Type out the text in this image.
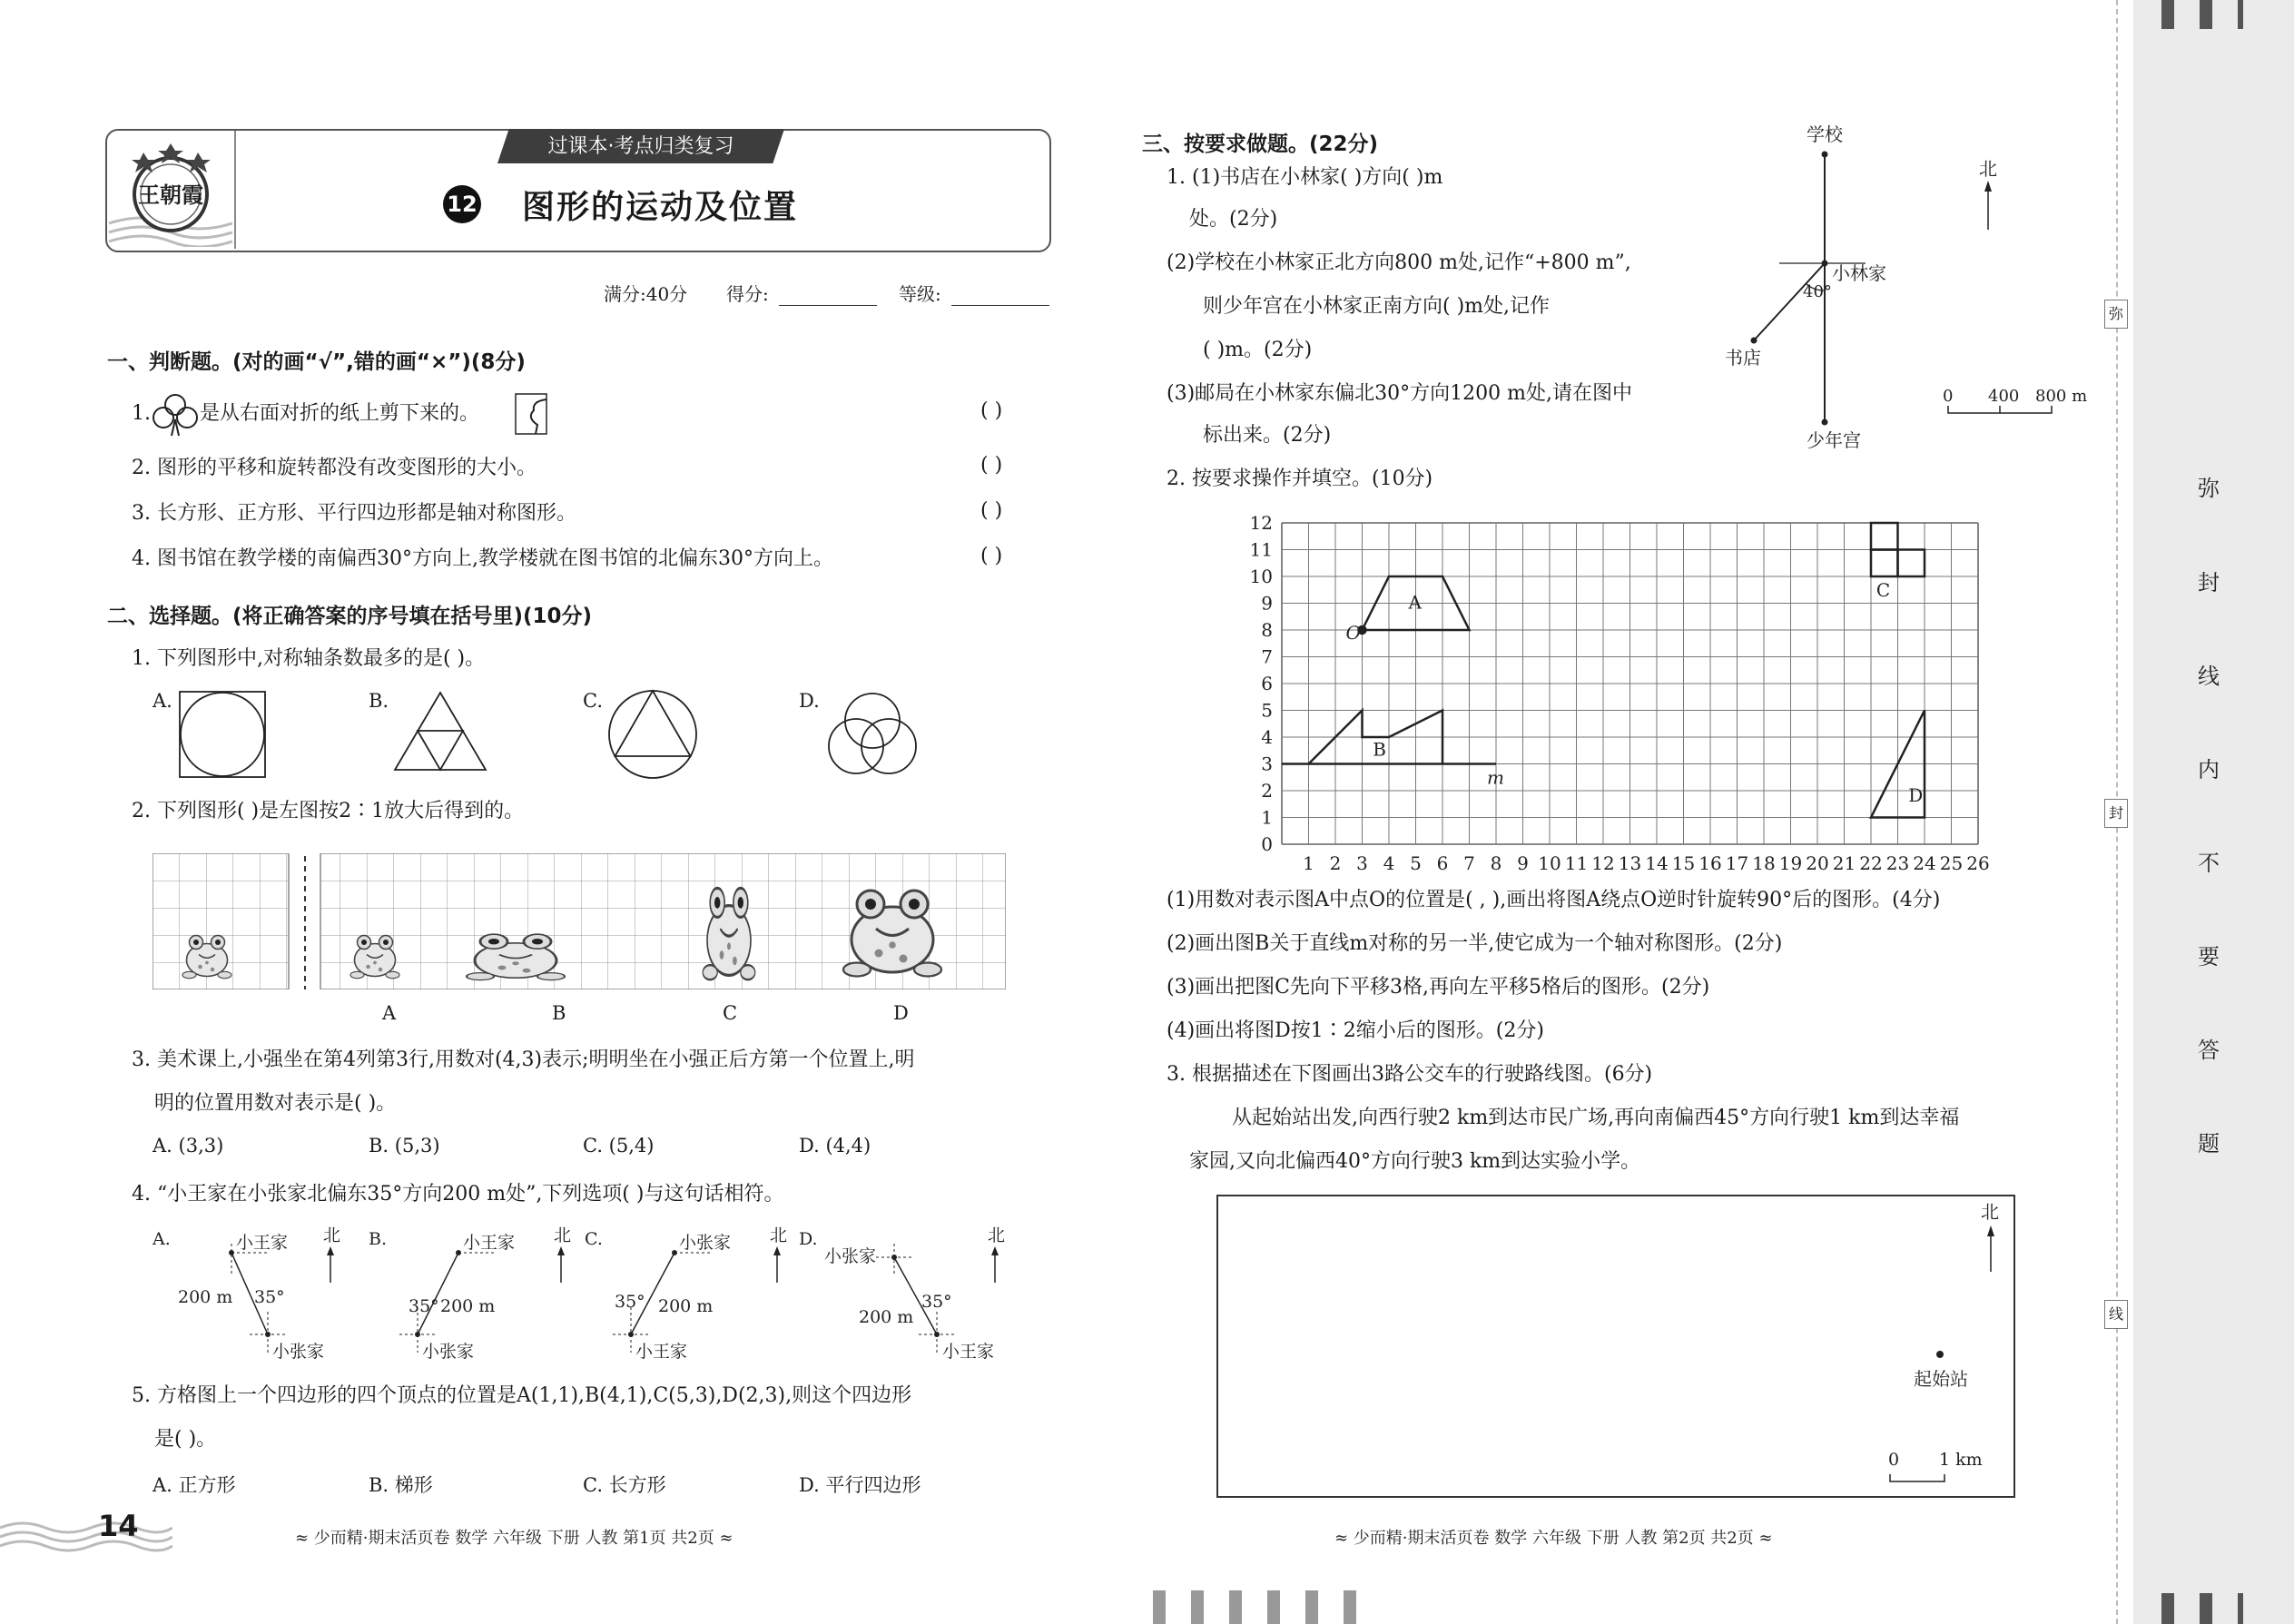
王朝霞
过课本·考点归类复习
12 图形的运动及位置
满分:40分 得分:	等级:
一、判断题。(对的画“√”,错的画“×”)(8分)
1. 是从右面对折的纸上剪下来的。	( )
2. 图形的平移和旋转都没有改变图形的大小。	( )
3. 长方形、正方形、平行四边形都是轴对称图形。	( )
4. 图书馆在教学楼的南偏西30°方向上,教学楼就在图书馆的北偏东30°方向上。	( )
二、选择题。(将正确答案的序号填在括号里)(10分)
1. 下列图形中,对称轴条数最多的是( )。
A.	B.	C.	D.
2. 下列图形( )是左图按2∶1放大后得到的。
A	B	C	D
3. 美术课上,小强坐在第4列第3行,用数对(4,3)表示;明明坐在小强正后方第一个位置上,明
明的位置用数对表示是( )。
A. (3,3)	B. (5,3)	C. (5,4)	D. (4,4)
4. “小王家在小张家北偏东35°方向200 m处”,下列选项( )与这句话相符。
A.	北
小王家
小张家
200 m 35°
B.	北
小王家
小张家
35° 200 m
C.	北
小张家
小王家
35° 200 m
D.	北
小张家
小王家
200 m
35°
5. 方格图上一个四边形的四个顶点的位置是A(1,1),B(4,1),C(5,3),D(2,3),则这个四边形
是( )。
A. 正方形	B. 梯形	C. 长方形	D. 平行四边形
14	≈ 少而精·期末活页卷 数学 六年级 下册 人教 第1页 共2页 ≈
三、按要求做题。(22分)
1. (1)书店在小林家( )方向( )m
处。(2分)
(2)学校在小林家正北方向800 m处,记作“+800 m”,
则少年宫在小林家正南方向( )m处,记作
( )m。(2分)
(3)邮局在小林家东偏北30°方向1200 m处,请在图中
标出来。(2分)
学校
少年宫
小林家
书店
40°
北
0 400 800 m
2. 按要求操作并填空。(10分)
1 2 3 4 5 6 7 8 9 10 11 12 13 14 15 16 17 18 19 20 21 22 23 24 25 26
0
1
2
3
4
5
6
7
8
9
10
11
12
A
O
B
m
C
D
(1)用数对表示图A中点O的位置是( , ),画出将图A绕点O逆时针旋转90°后的图形。(4分)
(2)画出图B关于直线m对称的另一半,使它成为一个轴对称图形。(2分)
(3)画出把图C先向下平移3格,再向左平移5格后的图形。(2分)
(4)画出将图D按1∶2缩小后的图形。(2分)
3. 根据描述在下图画出3路公交车的行驶路线图。(6分)
从起始站出发,向西行驶2 km到达市民广场,再向南偏西45°方向行驶1 km到达幸福
家园,又向北偏西40°方向行驶3 km到达实验小学。
北
起始站
0 1 km
≈ 少而精·期末活页卷 数学 六年级 下册 人教 第2页 共2页 ≈
弥
封
线
弥
封
线
内
不
要
答
题
